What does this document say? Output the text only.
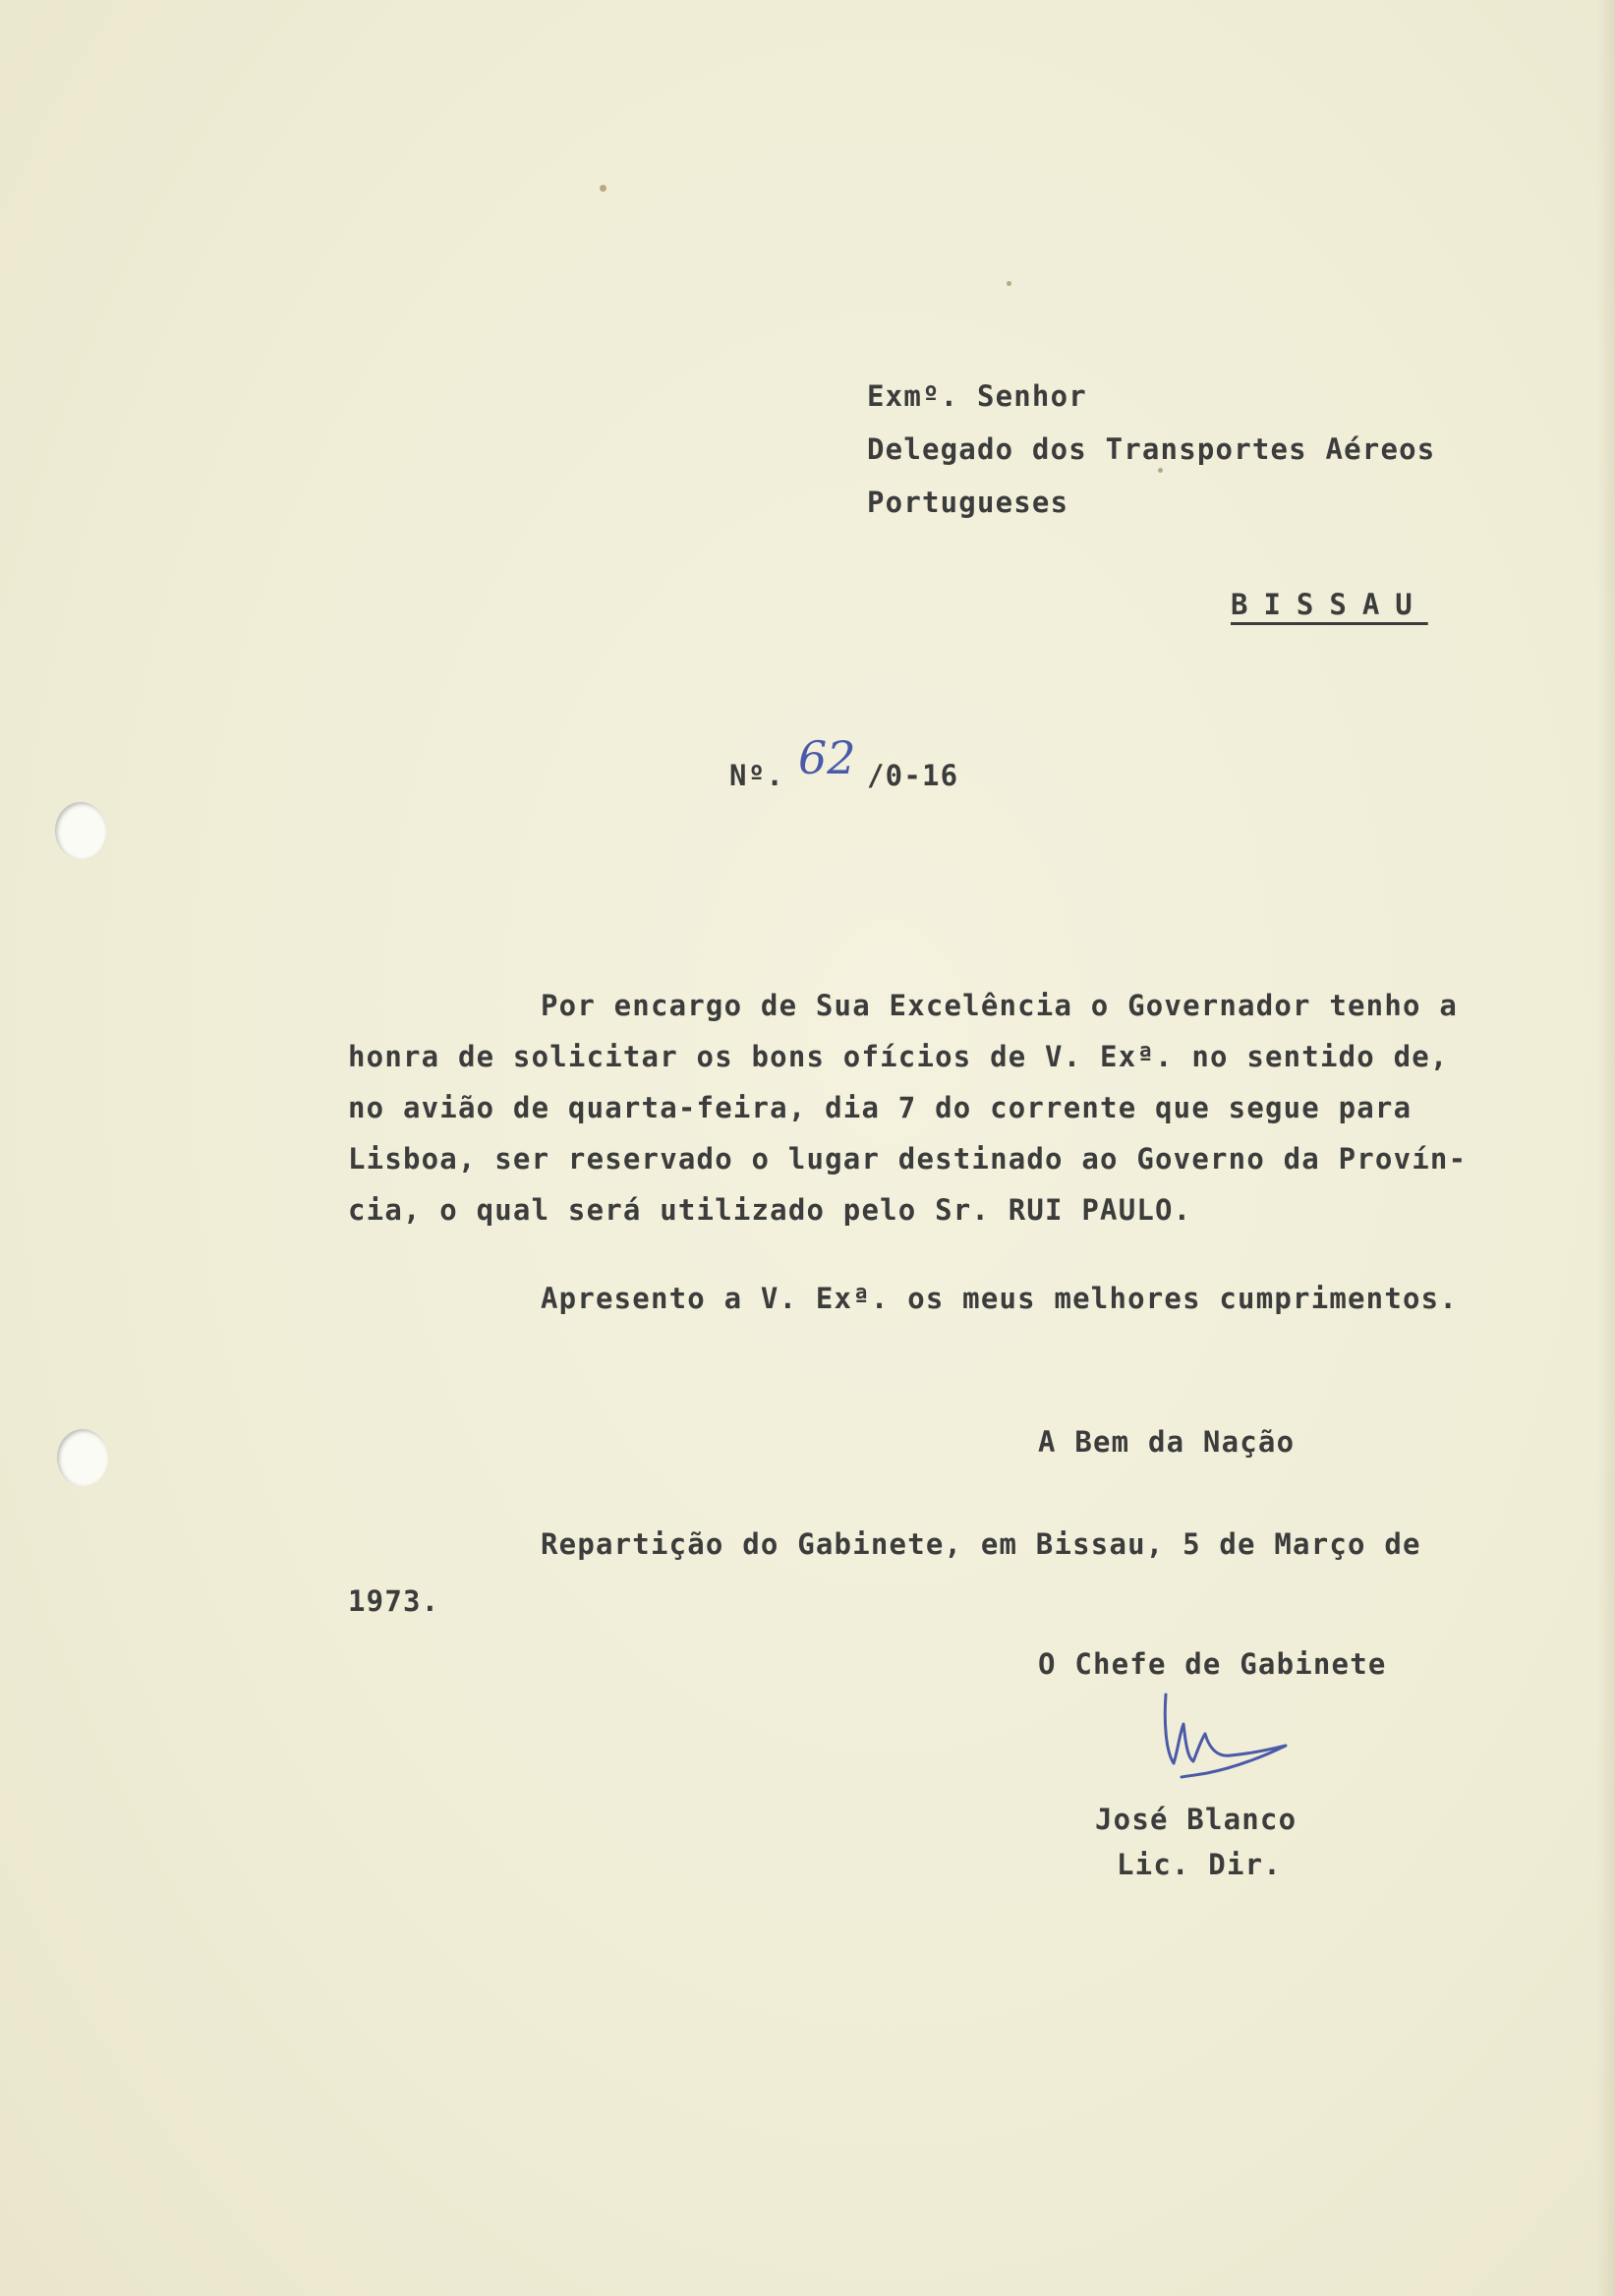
Exmº. Senhor
Delegado dos Transportes Aéreos
Portugueses
BISSAU
Nº. 62 /0-16
Por encargo de Sua Excelência o Governador tenho a
honra de solicitar os bons ofícios de V. Exª. no sentido de,
no avião de quarta-feira, dia 7 do corrente que segue para
Lisboa, ser reservado o lugar destinado ao Governo da Provín-
cia, o qual será utilizado pelo Sr. RUI PAULO.
Apresento a V. Exª. os meus melhores cumprimentos.
A Bem da Nação
Repartição do Gabinete, em Bissau, 5 de Março de
1973.
O Chefe de Gabinete
José Blanco
Lic. Dir.
